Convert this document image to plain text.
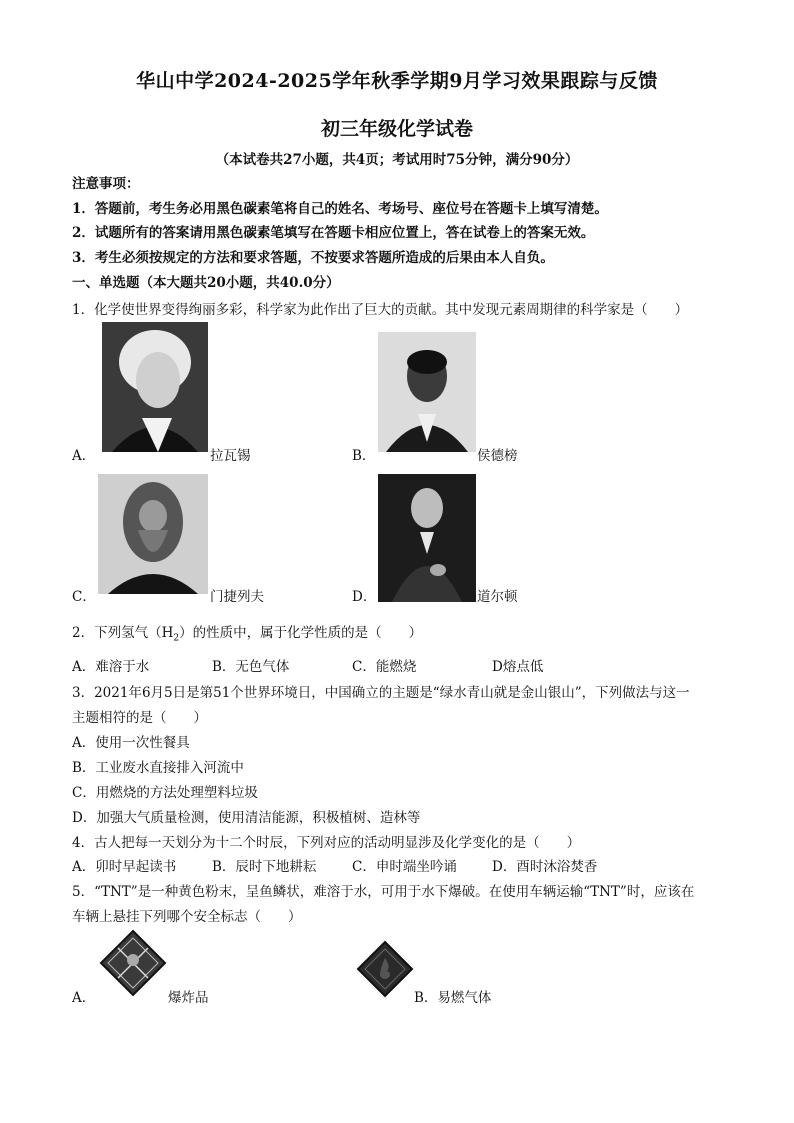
华山中学2024-2025学年秋季学期9月学习效果跟踪与反馈
初三年级化学试卷
（本试卷共27小题，共4页；考试用时75分钟，满分90分）
注意事项：
1．答题前，考生务必用黑色碳素笔将自己的姓名、考场号、座位号在答题卡上填写清楚。
2．试题所有的答案请用黑色碳素笔填写在答题卡相应位置上，答在试卷上的答案无效。
3．考生必须按规定的方法和要求答题，不按要求答题所造成的后果由本人自负。
一、单选题（本大题共20小题，共40.0分）
1．化学使世界变得绚丽多彩，科学家为此作出了巨大的贡献。其中发现元素周期律的科学家是（　　）
A．	拉瓦锡	B．	侯德榜
C．	门捷列夫	D．	道尔顿
2．下列氢气$(H_2)$的性质中，属于化学性质的是（　　）
A．难溶于水	B．无色气体	C．能燃烧	D熔点低
3．2021年6月5日是第51个世界环境日，中国确立的主题是“绿水青山就是金山银山”，下列做法与这一
主题相符的是（　　）
A．使用一次性餐具
B．工业废水直接排入河流中
C．用燃烧的方法处理塑料垃圾
D．加强大气质量检测，使用清洁能源，积极植树、造林等
4．古人把每一天划分为十二个时辰，下列对应的活动明显涉及化学变化的是（　　）
A．卯时早起读书	B．辰时下地耕耘	C．申时端坐吟诵	D．酉时沐浴焚香
5．“TNT”是一种黄色粉末，呈鱼鳞状，难溶于水，可用于水下爆破。在使用车辆运输“TNT”时，应该在
车辆上悬挂下列哪个安全标志（　　）
A．	爆炸品	B．易燃气体
